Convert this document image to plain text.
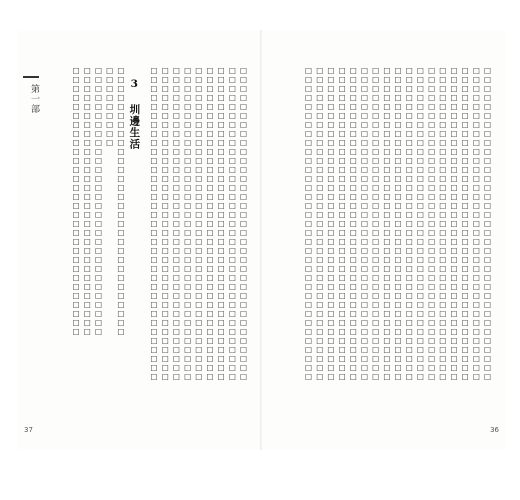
第一部	□□□□□□□□□□□□□□□□□□□□□□□□□□□□□□□□□□□
□□□□□□□□□□□□□□□□□□□□□□□□□□□□□□□□□□□
□□□□□□□□□□□□□□□□□□□□□□□□□□□□□□□□□□□
□□□□□□□□□□□□□□□□□□□□□□□□□□□□□□□□□□□
□□□□□□□□□□□□□□□□□□□□□□□□□□□□□□□□□□□
□□□□□□□□□□□□□□□□□□□□□□□□□□□□□□□□□□□
□□□□□□□□□□□□□□□□□□□□□□□□□□□□□□□□□□□
□□□□□□□□□□□□□□□□□□□□□□□□□□□□□□□□□□□
□□□□□□□□□□□□□□□□□□□□□□□□□□□□□□□□□□□
3 圳邊生活
□□□□□□□□□□□□□□□□□□□□□□□□□□□□□□
□□□□□□□□□
□□□□□□□□□□□□□□□□□□□□□□□□□□□□□□
□□□□□□□□□□□□□□□□□□□□□□□□□□□□□□
□□□□□□□□□□□□□□□□□□□□□□□□□□□□□□
37
□□□□□□□□□□□□□□□□□□□□□□□□□□□□□□□□□□□
□□□□□□□□□□□□□□□□□□□□□□□□□□□□□□□□□□□
□□□□□□□□□□□□□□□□□□□□□□□□□□□□□□□□□□□
□□□□□□□□□□□□□□□□□□□□□□□□□□□□□□□□□□□
□□□□□□□□□□□□□□□□□□□□□□□□□□□□□□□□□□□
□□□□□□□□□□□□□□□□□□□□□□□□□□□□□□□□□□□
□□□□□□□□□□□□□□□□□□□□□□□□□□□□□□□□□□□
□□□□□□□□□□□□□□□□□□□□□□□□□□□□□□□□□□□
□□□□□□□□□□□□□□□□□□□□□□□□□□□□□□□□□□□
□□□□□□□□□□□□□□□□□□□□□□□□□□□□□□□□□□□
□□□□□□□□□□□□□□□□□□□□□□□□□□□□□□□□□□□
□□□□□□□□□□□□□□□□□□□□□□□□□□□□□□□□□□□
□□□□□□□□□□□□□□□□□□□□□□□□□□□□□□□□□□□
□□□□□□□□□□□□□□□□□□□□□□□□□□□□□□□□□□□
□□□□□□□□□□□□□□□□□□□□□□□□□□□□□□□□□□□
□□□□□□□□□□□□□□□□□□□□□□□□□□□□□□□□□□□
□□□□□□□□□□□□□□□□□□□□□□□□□□□□□□□□□□□
36
